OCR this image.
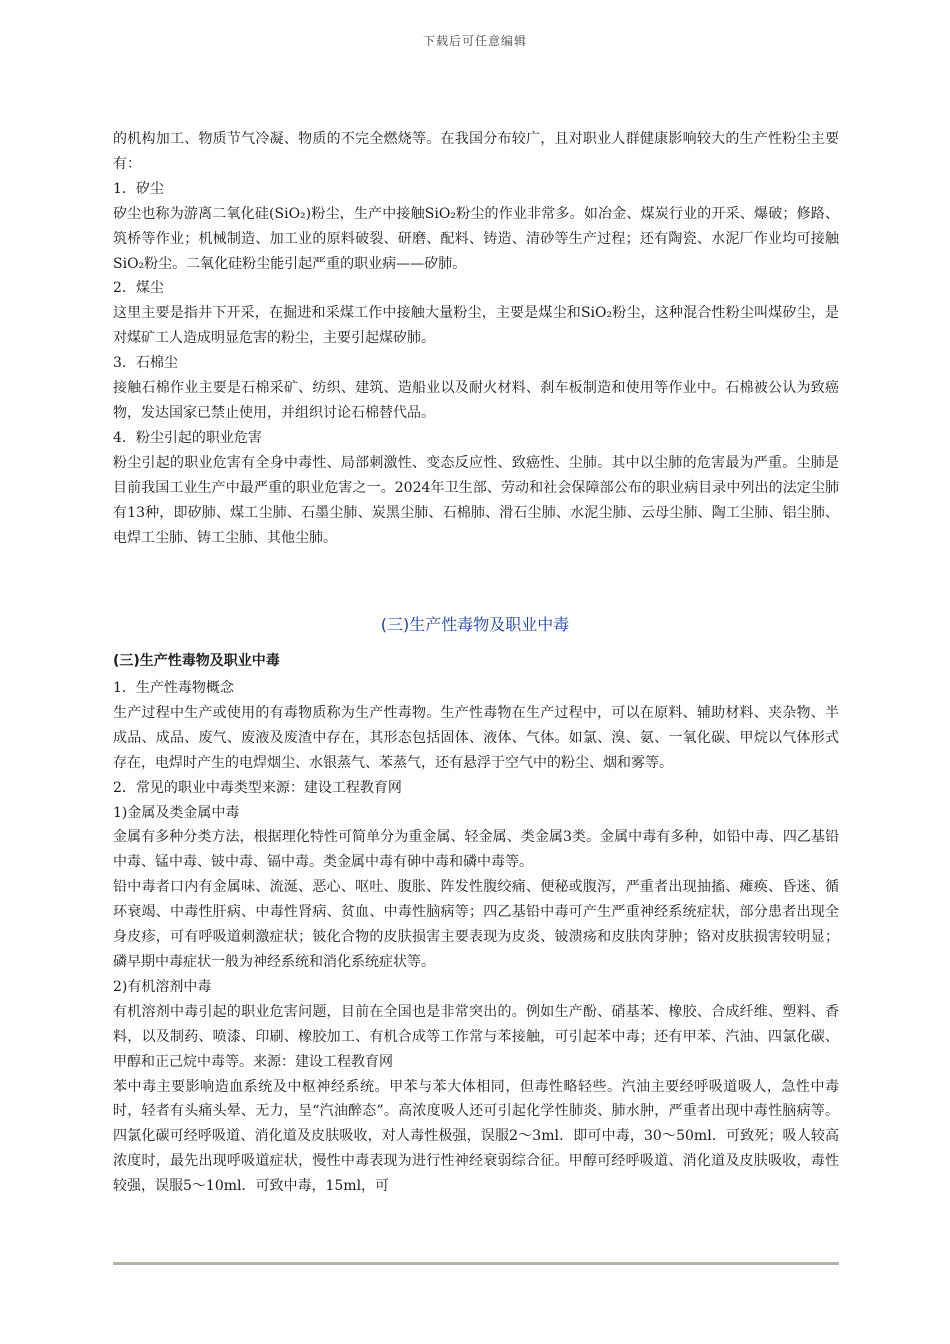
下载后可任意编辑

的机构加工、物质节气冷凝、物质的不完全燃烧等。在我国分布较广，且对职业人群健康影响较大的生产性粉尘主要有：

1．矽尘

矽尘也称为游离二氧化硅(SiO₂)粉尘，生产中接触SiO₂粉尘的作业非常多。如冶金、煤炭行业的开采、爆破；修路、筑桥等作业；机械制造、加工业的原料破裂、研磨、配料、铸造、清砂等生产过程；还有陶瓷、水泥厂作业均可接触SiO₂粉尘。二氧化硅粉尘能引起严重的职业病——矽肺。

2．煤尘

这里主要是指井下开采，在掘进和采煤工作中接触大量粉尘，主要是煤尘和SiO₂粉尘，这种混合性粉尘叫煤矽尘，是对煤矿工人造成明显危害的粉尘，主要引起煤矽肺。

3．石棉尘

接触石棉作业主要是石棉采矿、纺织、建筑、造船业以及耐火材料、刹车板制造和使用等作业中。石棉被公认为致癌物，发达国家已禁止使用，并组织讨论石棉替代品。

4．粉尘引起的职业危害

粉尘引起的职业危害有全身中毒性、局部刺激性、变态反应性、致癌性、尘肺。其中以尘肺的危害最为严重。尘肺是目前我国工业生产中最严重的职业危害之一。2024年卫生部、劳动和社会保障部公布的职业病目录中列出的法定尘肺有13种，即矽肺、煤工尘肺、石墨尘肺、炭黑尘肺、石棉肺、滑石尘肺、水泥尘肺、云母尘肺、陶工尘肺、铝尘肺、电焊工尘肺、铸工尘肺、其他尘肺。

(三)生产性毒物及职业中毒
(三)生产性毒物及职业中毒

1．生产性毒物概念

生产过程中生产或使用的有毒物质称为生产性毒物。生产性毒物在生产过程中，可以在原料、辅助材料、夹杂物、半成品、成品、废气、废液及废渣中存在，其形态包括固体、液体、气体。如氯、溴、氨、一氧化碳、甲烷以气体形式存在，电焊时产生的电焊烟尘、水银蒸气、苯蒸气，还有悬浮于空气中的粉尘、烟和雾等。

2．常见的职业中毒类型来源：建设工程教育网

1)金属及类金属中毒

金属有多种分类方法，根据理化特性可简单分为重金属、轻金属、类金属3类。金属中毒有多种，如铅中毒、四乙基铅中毒、锰中毒、铍中毒、镉中毒。类金属中毒有砷中毒和磷中毒等。

铅中毒者口内有金属味、流涎、恶心、呕吐、腹胀、阵发性腹绞痛、便秘或腹泻，严重者出现抽搐、瘫痪、昏迷、循环衰竭、中毒性肝病、中毒性肾病、贫血、中毒性脑病等；四乙基铅中毒可产生严重神经系统症状，部分患者出现全身皮疹，可有呼吸道刺激症状；铍化合物的皮肤损害主要表现为皮炎、铍溃疡和皮肤肉芽肿；铬对皮肤损害较明显；磷早期中毒症状一般为神经系统和消化系统症状等。

2)有机溶剂中毒

有机溶剂中毒引起的职业危害问题，目前在全国也是非常突出的。例如生产酚、硝基苯、橡胶、合成纤维、塑料、香料，以及制药、喷漆、印刷、橡胶加工、有机合成等工作常与苯接触，可引起苯中毒；还有甲苯、汽油、四氯化碳、甲醇和正己烷中毒等。来源：建设工程教育网

苯中毒主要影响造血系统及中枢神经系统。甲苯与苯大体相同，但毒性略轻些。汽油主要经呼吸道吸人，急性中毒时，轻者有头痛头晕、无力，呈“汽油醉态”。高浓度吸人还可引起化学性肺炎、肺水肿，严重者出现中毒性脑病等。四氯化碳可经呼吸道、消化道及皮肤吸收，对人毒性极强，误服2～3ml．即可中毒，30～50ml．可致死；吸人较高浓度时，最先出现呼吸道症状，慢性中毒表现为进行性神经衰弱综合征。甲醇可经呼吸道、消化道及皮肤吸收，毒性较强，误服5～10ml．可致中毒，15ml，可
